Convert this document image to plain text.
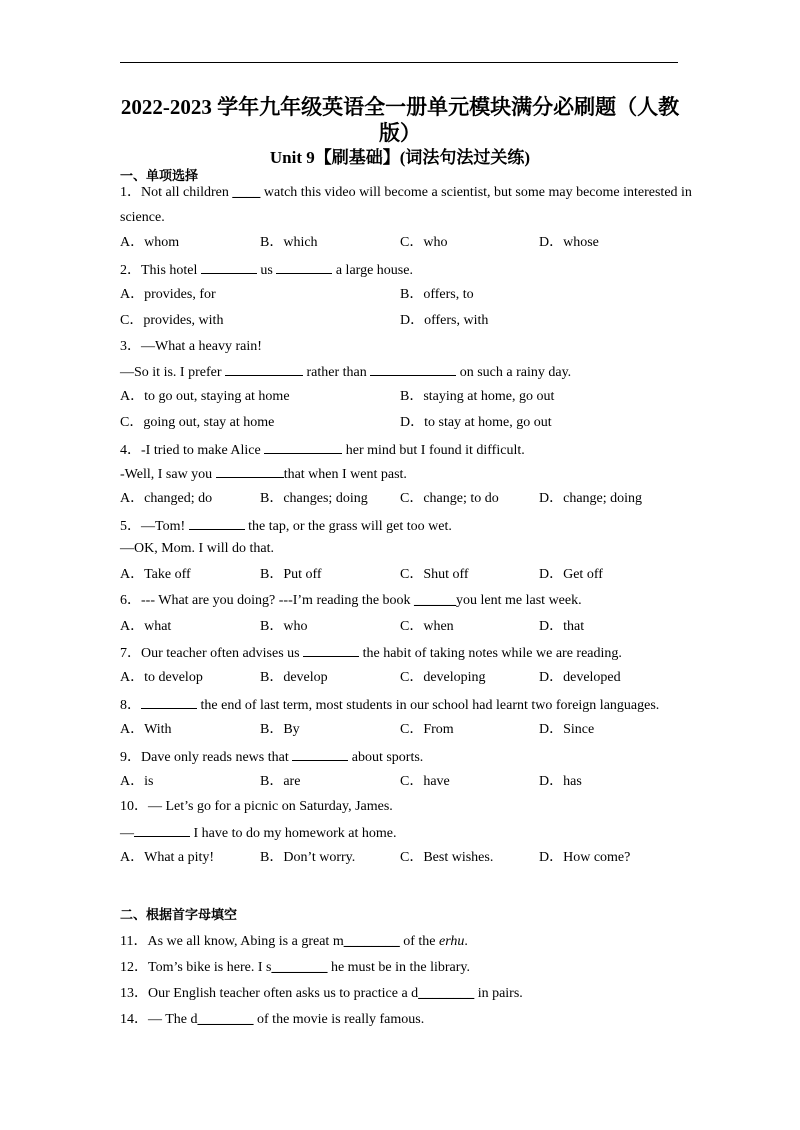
2022-2023 学年九年级英语全一册单元模块满分必刷题（人教
版）
Unit 9【刷基础】(词法句法过关练)
一、单项选择
1．Not all children ____ watch this video will become a scientist, but some may become interested in
science.
A．whom	B．which	C．who	D．whose
2．This hotel	us	a large house.
A．provides, for	B．offers, to
C．provides, with	D．offers, with
3．—What a heavy rain!
—So it is. I prefer	rather than	on such a rainy day.
A．to go out, staying at home	B．staying at home, go out
C．going out, stay at home	D．to stay at home, go out
4．-I tried to make Alice	her mind but I found it difficult.
-Well, I saw you	that when I went past.
A．changed; do	B．changes; doing C．change; to do	D．change; doing
5．—Tom!	the tap, or the grass will get too wet.
—OK, Mom. I will do that.
A．Take off	B．Put off	C．Shut off	D．Get off
6．--- What are you doing? ---I’m reading the book ______you lent me last week.
A．what	B．who	C．when	D．that
7．Our teacher often advises us	the habit of taking notes while we are reading.
A．to develop	B．develop	C．developing	D．developed
8．	the end of last term, most students in our school had learnt two foreign languages.
A．With	B．By	C．From	D．Since
9．Dave only reads news that	about sports.
A．is	B．are	C．have	D．has
10．— Let’s go for a picnic on Saturday, James.
—	I have to do my homework at home.
A．What a pity!	B．Don’t worry.	C．Best wishes.	D．How come?
二、根据首字母填空
11．As we all know, Abing is a great m________ of the erhu.
12．Tom’s bike is here. I s________ he must be in the library.
13．Our English teacher often asks us to practice a d________ in pairs.
14．— The d________ of the movie is really famous.
